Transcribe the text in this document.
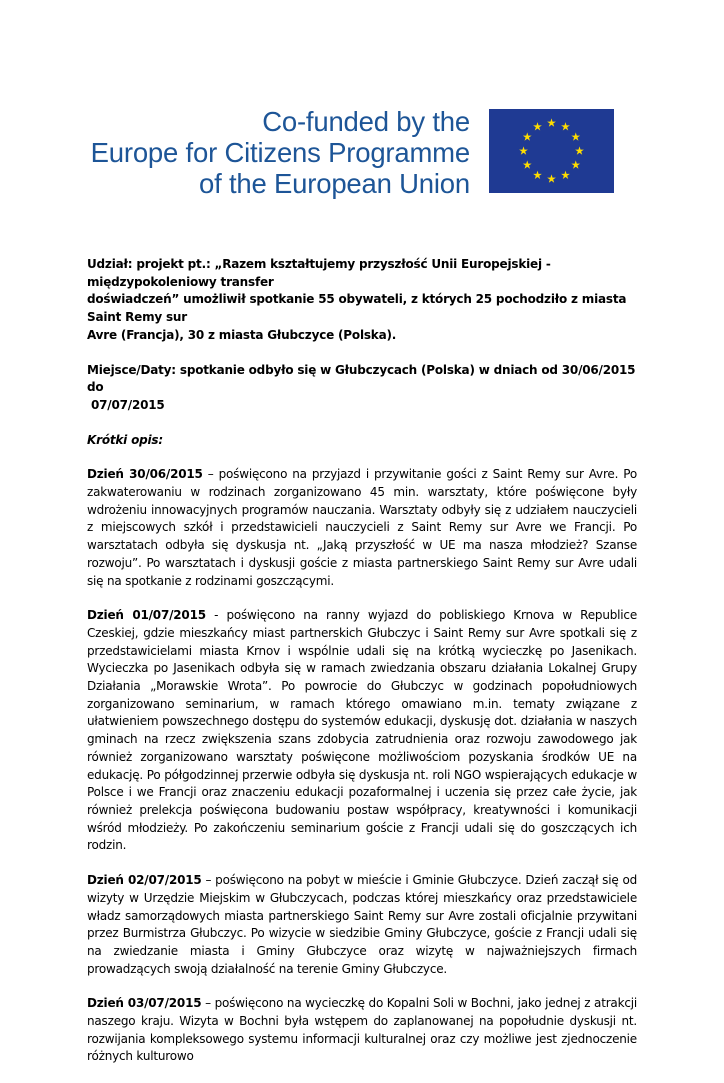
Co-funded by the
Europe for Citizens Programme
of the European Union

Udział: projekt pt.: „Razem kształtujemy przyszłość Unii Europejskiej - międzypokoleniowy transfer
doświadczeń” umożliwił spotkanie 55 obywateli, z których 25 pochodziło z miasta Saint Remy sur
Avre (Francja), 30 z miasta Głubczyce (Polska).

Miejsce/Daty: spotkanie odbyło się w Głubczycach (Polska) w dniach od 30/06/2015 do
07/07/2015

Krótki opis:

Dzień 30/06/2015 – poświęcono na przyjazd i przywitanie gości z Saint Remy sur Avre. Po zakwaterowaniu w rodzinach zorganizowano 45 min. warsztaty, które poświęcone były wdrożeniu innowacyjnych programów nauczania. Warsztaty odbyły się z udziałem nauczycieli z miejscowych szkół i przedstawicieli nauczycieli z Saint Remy sur Avre we Francji. Po warsztatach odbyła się dyskusja nt. „Jaką przyszłość w UE ma nasza młodzież? Szanse rozwoju”. Po warsztatach i dyskusji goście z miasta partnerskiego Saint Remy sur Avre udali się na spotkanie z rodzinami goszczącymi.

Dzień 01/07/2015 - poświęcono na ranny wyjazd do pobliskiego Krnova w Republice Czeskiej, gdzie mieszkańcy miast partnerskich Głubczyc i Saint Remy sur Avre spotkali się z przedstawicielami miasta Krnov i wspólnie udali się na krótką wycieczkę po Jasenikach. Wycieczka po Jasenikach odbyła się w ramach zwiedzania obszaru działania Lokalnej Grupy Działania „Morawskie Wrota”. Po powrocie do Głubczyc w godzinach popołudniowych zorganizowano seminarium, w ramach którego omawiano m.in. tematy związane z ułatwieniem powszechnego dostępu do systemów edukacji, dyskusję dot. działania w naszych gminach na rzecz zwiększenia szans zdobycia zatrudnienia oraz rozwoju zawodowego jak również zorganizowano warsztaty poświęcone możliwościom pozyskania środków UE na edukację. Po półgodzinnej przerwie odbyła się dyskusja nt. roli NGO wspierających edukacje w Polsce i we Francji oraz znaczeniu edukacji pozaformalnej i uczenia się przez całe życie, jak również prelekcja poświęcona budowaniu postaw współpracy, kreatywności i komunikacji wśród młodzieży. Po zakończeniu seminarium goście z Francji udali się do goszczących ich rodzin.

Dzień 02/07/2015 – poświęcono na pobyt w mieście i Gminie Głubczyce. Dzień zaczął się od wizyty w Urzędzie Miejskim w Głubczycach, podczas której mieszkańcy oraz przedstawiciele władz samorządowych miasta partnerskiego Saint Remy sur Avre zostali oficjalnie przywitani przez Burmistrza Głubczyc. Po wizycie w siedzibie Gminy Głubczyce, goście z Francji udali się na zwiedzanie miasta i Gminy Głubczyce oraz wizytę w najważniejszych firmach prowadzących swoją działalność na terenie Gminy Głubczyce.

Dzień 03/07/2015 – poświęcono na wycieczkę do Kopalni Soli w Bochni, jako jednej z atrakcji naszego kraju. Wizyta w Bochni była wstępem do zaplanowanej na popołudnie dyskusji nt. rozwijania kompleksowego systemu informacji kulturalnej oraz czy możliwe jest zjednoczenie różnych kulturowo
